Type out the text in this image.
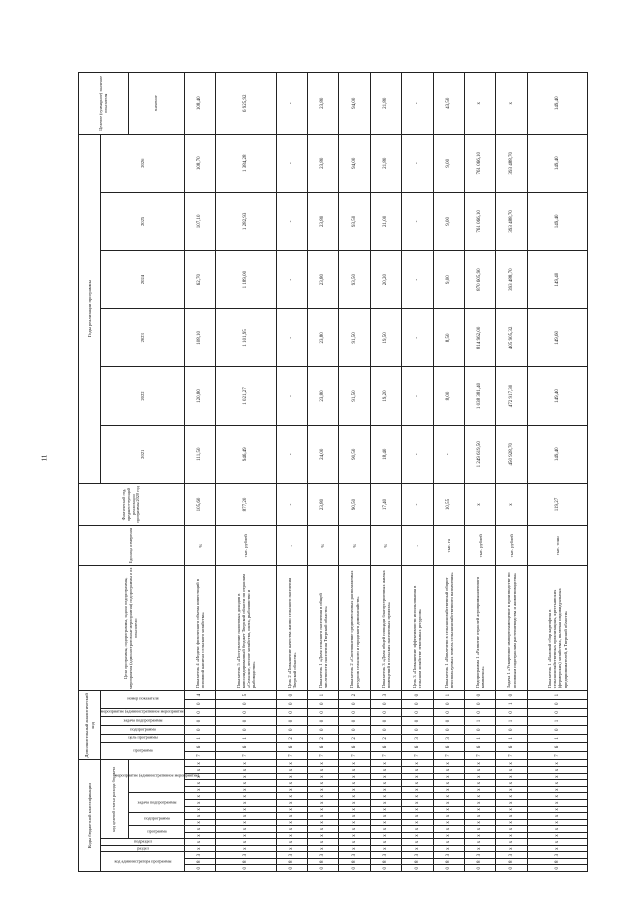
11
Коды бюджетной классификации																	Дополнительный аналитический код								Цели программы, подпрограммы, задачи подпрограммы, мероприятия (административные мероприятия) подпрограммы и их показатели	Единица измерения	Фактический год, предшест-вующий реализации программы 2020 год	Годы реализации программы						Целевое (суммарное) значение показателя

код администратора программы			раздел	подраздел	код целевой статьи расхода бюджета												программа		цель программы	подпрограмма	задача подпрограммы	мероприятие (административное мероприятие)	номер показателя					2021	2022	2023	2024	2025	2026	

					программа		подпрограмма		задача подпрограммы			мероприятие (административное мероприятие)																						значение
0	8	3	x	x	x	x	x	x	x	x	x	x	x	x	x	x	7	6	1	0	0	0	0	4	Показатель 4 «Индекс физического объема инвестиций в основной капитал сельского хозяйства»	%	105,60	111,50	120,80	108,10	62,70	107,10	108,70	108,40
0	8	3	x	x	x	x	x	x	x	x	x	x	x	x	x	x	7	6	1	0	0	0	0	5	Показатель 5 «Поступление налоговых доходов в консолидированный бюджет Тверской области по отраслям «Сельское, лесное хозяйство, охота, рыболовство и рыбоводство»	тыс. рублей	877,20	946,49	1 021,27	1 101,95	1 189,00	1 282,93	1 384,28	6 925,92
0	8	3	x	x	x	x	x	x	x	x	x	x	x	x	x	x	7	6	2	0	0	0	0	0	Цель 2 «Повышение качества жизни сельского населения Тверской области»	-	-	-	-	-	-	-	-	-
0	8	3	x	x	x	x	x	x	x	x	x	x	x	x	x	x	7	6	2	0	0	0	0	1	Показатель 1 «Доля сельского населения в общей численности населения Тверской области»	%	23,80	24,00	23,80	23,80	23,80	23,80	23,80	23,80
0	8	3	x	x	x	x	x	x	x	x	x	x	x	x	x	x	7	6	2	0	0	0	0	2	Показатель 2 «Соотношение среднемесячных располагаемых ресурсов сельского и городского домохозяйств»	%	90,50	90,50	91,50	91,50	93,50	93,50	94,00	94,00
0	8	3	x	x	x	x	x	x	x	x	x	x	x	x	x	x	7	6	2	0	0	0	0	3	Показатель 3 «Доля общей площади благоустроенных жилых помещений в сельских населенных пунктах»	%	17,40	18,40	19,20	19,50	20,20	21,00	21,80	21,80
0	8	3	x	x	x	x	x	x	x	x	x	x	x	x	x	x	7	6	3	0	0	0	0	0	Цель 3 «Повышение эффективности использования в сельском хозяйстве земельных ресурсов»	-	-	-	-	-	-	-	-	-
0	8	3	x	x	x	x	x	x	x	x	x	x	x	x	x	x	7	6	3	0	0	0	0	1	Показатель 1 «Вовлечено в сельскохозяйственный оборот неиспользуемых земель сельскохозяйственного назначения»	тыс. га	10,55	-	8,00	8,50	9,00	9,00	9,00	43,50
0	8	3	x	x	x	x	x	x	x	x	x	x	x	x	x	x	7	6	1	0	1	0	0	0	Подпрограмма 1 «Развитие отраслей агропромышленного комплекса»	тыс. рублей	x	1 249 619,50	1 038 381,40	814 962,00	870 605,90	761 066,10	761 066,10	x
0	8	3	x	x	x	x	x	x	x	x	x	x	x	x	x	x	7	6	1	0	1	0	1	0	Задача 1 «Ускоренное импортозамещение в производстве по основным подотраслям растениеводства и животноводства»	тыс. рублей	x	450 928,70	472 917,30	405 905,32	393 488,70	393 488,70	393 488,70	x
0	8	3	x	x	x	x	x	x	x	x	x	x	x	x	x	x	7	6	1	0	1	0	0	1	Показатель 1 «Валовой сбор картофеля в сельскохозяйственных организациях, крестьянских (фермерских) хозяйствах, включая индивидуальных предпринимателей, в Тверской области»	тыс. тонн	119,27	149,40	149,40	149,60	149,40	149,40	149,40	149,40
